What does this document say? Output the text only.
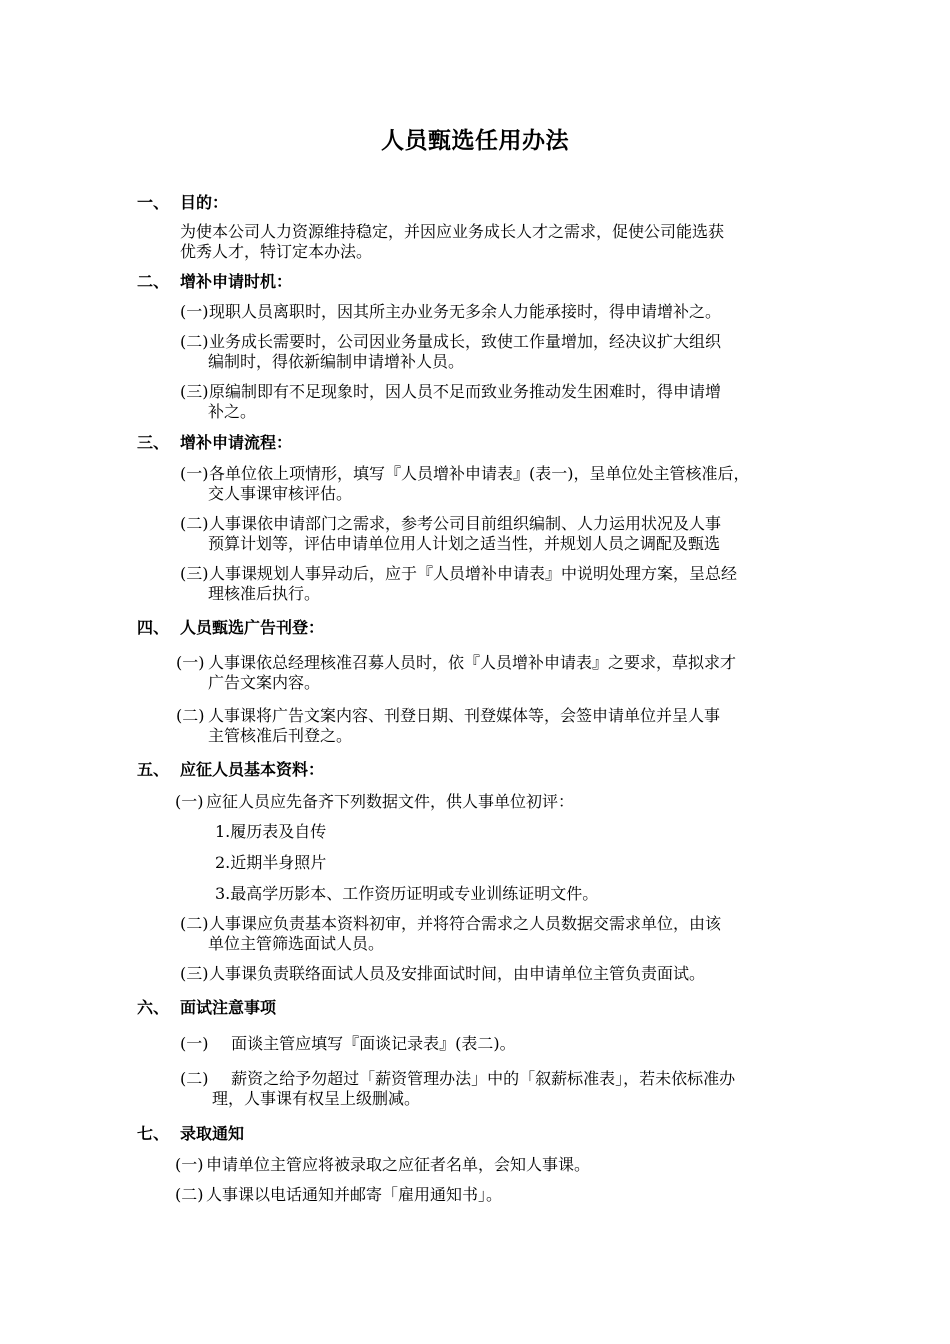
人员甄选任用办法
一、 目的：
为使本公司人力资源维持稳定，并因应业务成长人才之需求，促使公司能选获
优秀人才，特订定本办法。
二、 增补申请时机：
(一) 现职人员离职时，因其所主办业务无多余人力能承接时，得申请增补之。
(二) 业务成长需要时，公司因业务量成长，致使工作量增加，经决议扩大组织
编制时，得依新编制申请增补人员。
(三) 原编制即有不足现象时，因人员不足而致业务推动发生困难时，得申请增
补之。
三、 增补申请流程：
(一) 各单位依上项情形，填写『人员增补申请表』(表一)，呈单位处主管核准后，
交人事课审核评估。
(二) 人事课依申请部门之需求，参考公司目前组织编制、人力运用状况及人事
预算计划等，评估申请单位用人计划之适当性，并规划人员之调配及甄选
(三) 人事课规划人事异动后，应于『人员增补申请表』中说明处理方案，呈总经
理核准后执行。
四、 人员甄选广告刊登：
(一) 人事课依总经理核准召募人员时，依『人员增补申请表』之要求，草拟求才
广告文案内容。
(二) 人事课将广告文案内容、刊登日期、刊登媒体等，会签申请单位并呈人事
主管核准后刊登之。
五、 应征人员基本资料：
(一) 应征人员应先备齐下列数据文件，供人事单位初评：
1.履历表及自传
2.近期半身照片
3.最高学历影本、工作资历证明或专业训练证明文件。
(二) 人事课应负责基本资料初审，并将符合需求之人员数据交需求单位，由该
单位主管筛选面试人员。
(三) 人事课负责联络面试人员及安排面试时间，由申请单位主管负责面试。
六、 面试注意事项
(一) 　 面谈主管应填写『面谈记录表』(表二)。
(二) 　 薪资之给予勿超过「薪资管理办法」中的「叙薪标准表」，若未依标准办
理，人事课有权呈上级删减。
七、 录取通知
(一) 申请单位主管应将被录取之应征者名单，会知人事课。
(二) 人事课以电话通知并邮寄「雇用通知书」。
